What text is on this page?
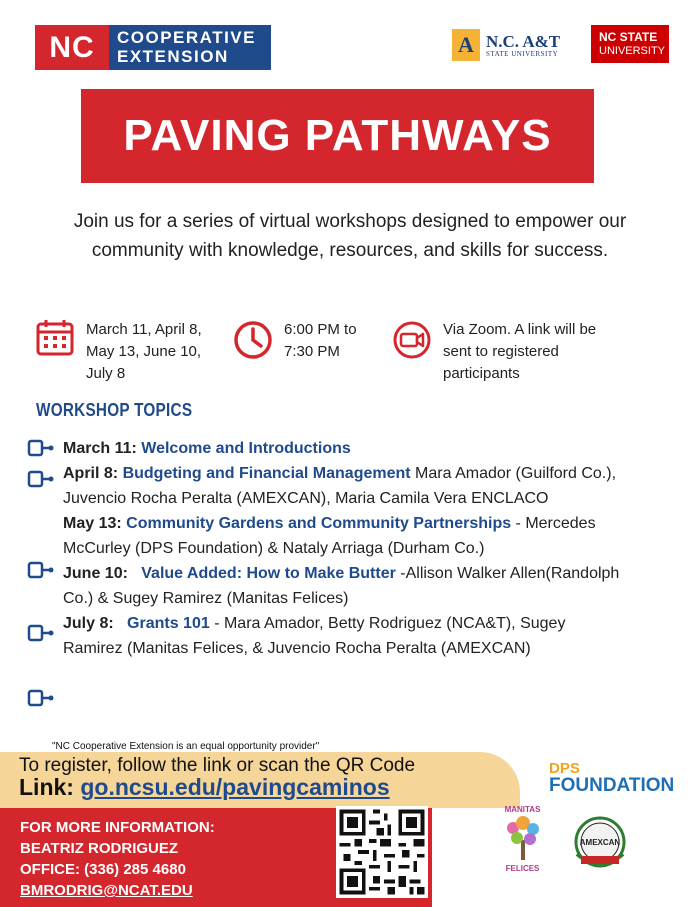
NC	COOPERATIVE
EXTENSION	A N.C. A&T
STATE UNIVERSITY
NC STATE
UNIVERSITY
PAVING PATHWAYS
Join us for a series of virtual workshops designed to empower our community with knowledge, resources, and skills for success.
March 11, April 8,
May 13, June 10,
July 8
6:00 PM to
7:30 PM
Via Zoom. A link will be
sent to registered
participants
WORKSHOP TOPICS

March 11: Welcome and Introductions

April 8: Budgeting and Financial Management Mara Amador (Guilford Co.), Juvencio Rocha Peralta (AMEXCAN), Maria Camila Vera ENCLACO

May 13: Community Gardens and Community Partnerships - Mercedes McCurley (DPS Foundation) & Nataly Arriaga (Durham Co.)

June 10: Value Added: How to Make Butter -Allison Walker Allen(Randolph Co.) & Sugey Ramirez (Manitas Felices)

July 8: Grants 101 - Mara Amador, Betty Rodriguez (NCA&T), Sugey Ramirez (Manitas Felices, & Juvencio Rocha Peralta (AMEXCAN)

"NC Cooperative Extension is an equal opportunity provider"
To register, follow the link or scan the QR Code
Link: go.ncsu.edu/pavingcaminos
FOR MORE INFORMATION:
BEATRIZ RODRIGUEZ
OFFICE: (336) 285 4680
BMRODRIG@NCAT.EDU
DPS
FOUNDATION
MANITAS
FELICES
AMEXCAN
